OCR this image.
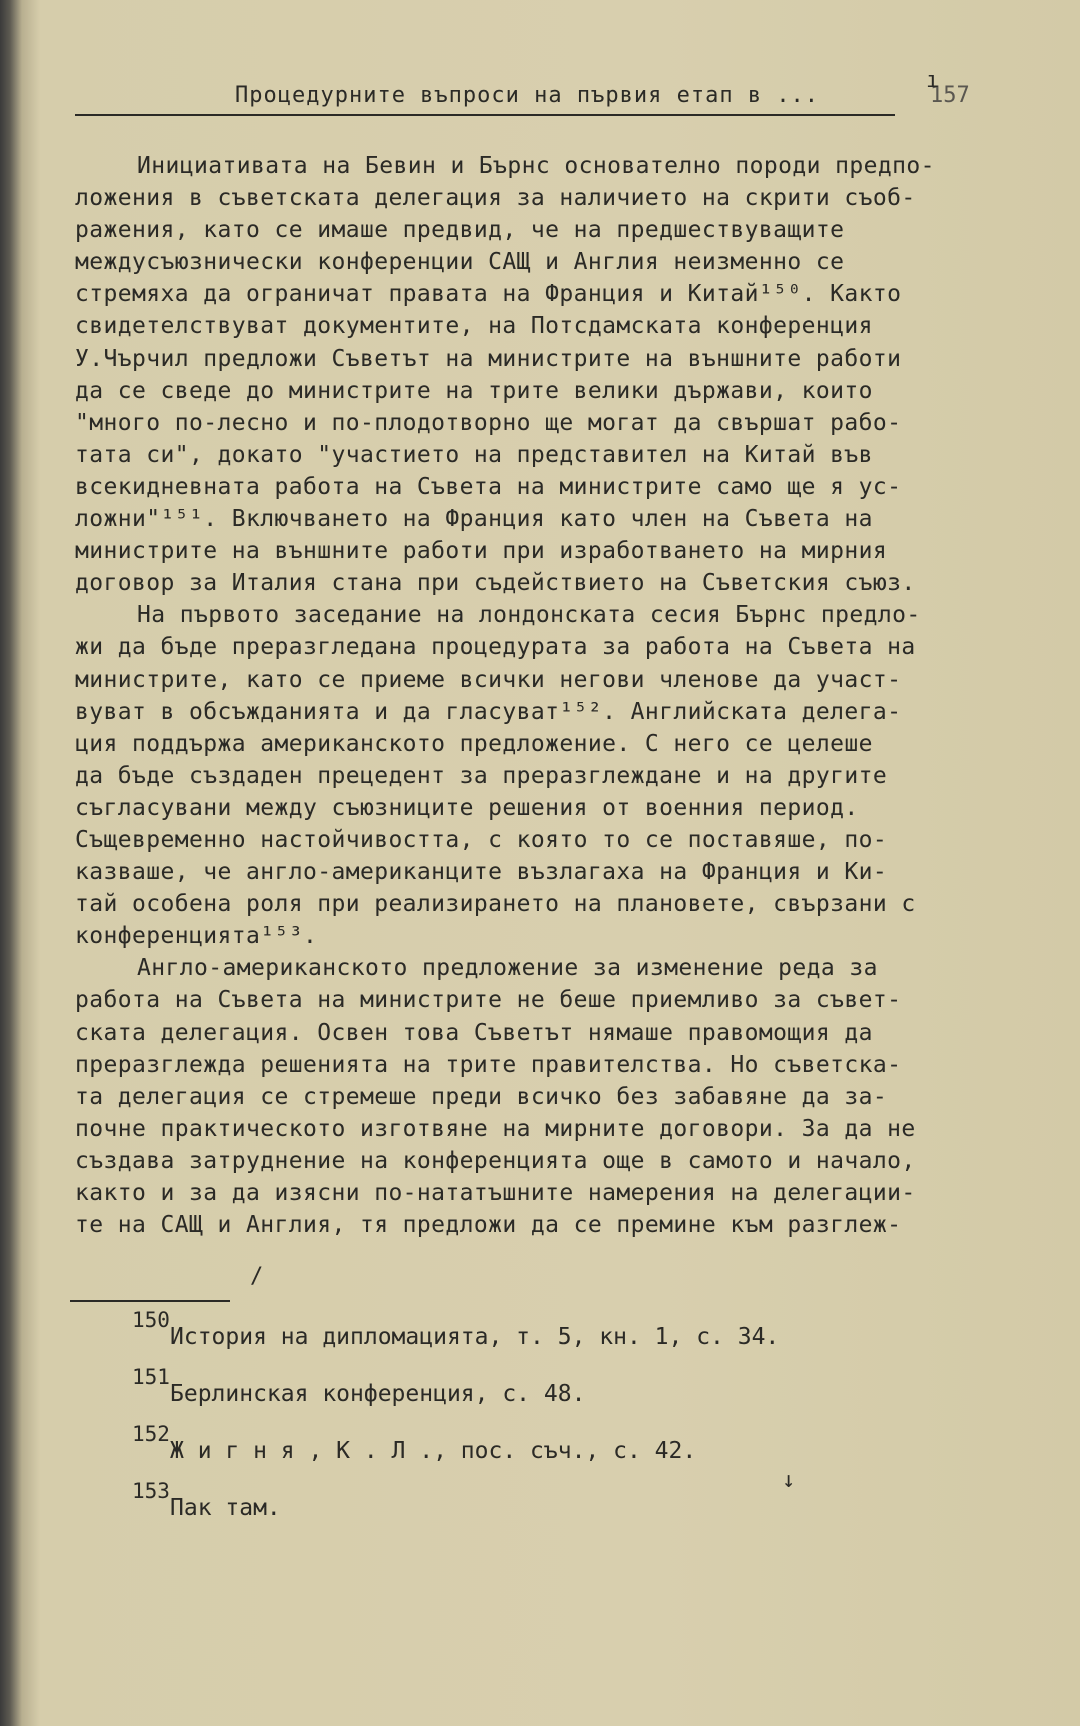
Процедурните въпроси на първия етап в ...	157
Инициативата на Бевин и Бърнс основателно породи предпо-
ложения в съветската делегация за наличието на скрити съоб-
ражения, като се имаше предвид, че на предшествуващите
междусъюзнически конференции САЩ и Англия неизменно се
стремяха да ограничат правата на Франция и Китай¹⁵⁰. Както
свидетелствуват документите, на Потсдамската конференция
У.Чърчил предложи Съветът на министрите на външните работи
да се сведе до министрите на трите велики държави, които
"много по-лесно и по-плодотворно ще могат да свършат рабо-
тата си", докато "участието на представител на Китай във
всекидневната работа на Съвета на министрите само ще я ус-
ложни"¹⁵¹. Включването на Франция като член на Съвета на
министрите на външните работи при изработването на мирния
договор за Италия стана при съдействието на Съветския съюз.
На първото заседание на лондонската сесия Бърнс предло-
жи да бъде преразгледана процедурата за работа на Съвета на
министрите, като се приеме всички негови членове да участ-
вуват в обсъжданията и да гласуват¹⁵². Английската делега-
ция поддържа американското предложение. С него се целеше
да бъде създаден прецедент за преразглеждане и на другите
съгласувани между съюзниците решения от военния период.
Същевременно настойчивостта, с която то се поставяше, по-
казваше, че англо-американците възлагаха на Франция и Ки-
тай особена роля при реализирането на плановете, свързани с
конференцията¹⁵³.
Англо-американското предложение за изменение реда за
работа на Съвета на министрите не беше приемливо за съвет-
ската делегация. Освен това Съветът нямаше правомощия да
преразглежда решенията на трите правителства. Но съветска-
та делегация се стремеше преди всичко без забавяне да за-
почне практическото изготвяне на мирните договори. За да не
създава затруднение на конференцията още в самото и начало,
както и за да изясни по-нататъшните намерения на делегации-
те на САЩ и Англия, тя предложи да се премине към разглеж-
150
История на дипломацията, т. 5, кн. 1, с. 34.
151
Берлинская конференция, с. 48.
152
Ж и г н я , К . Л ., пос. съч., с. 42.
153
Пак там.
ı
/
↓
